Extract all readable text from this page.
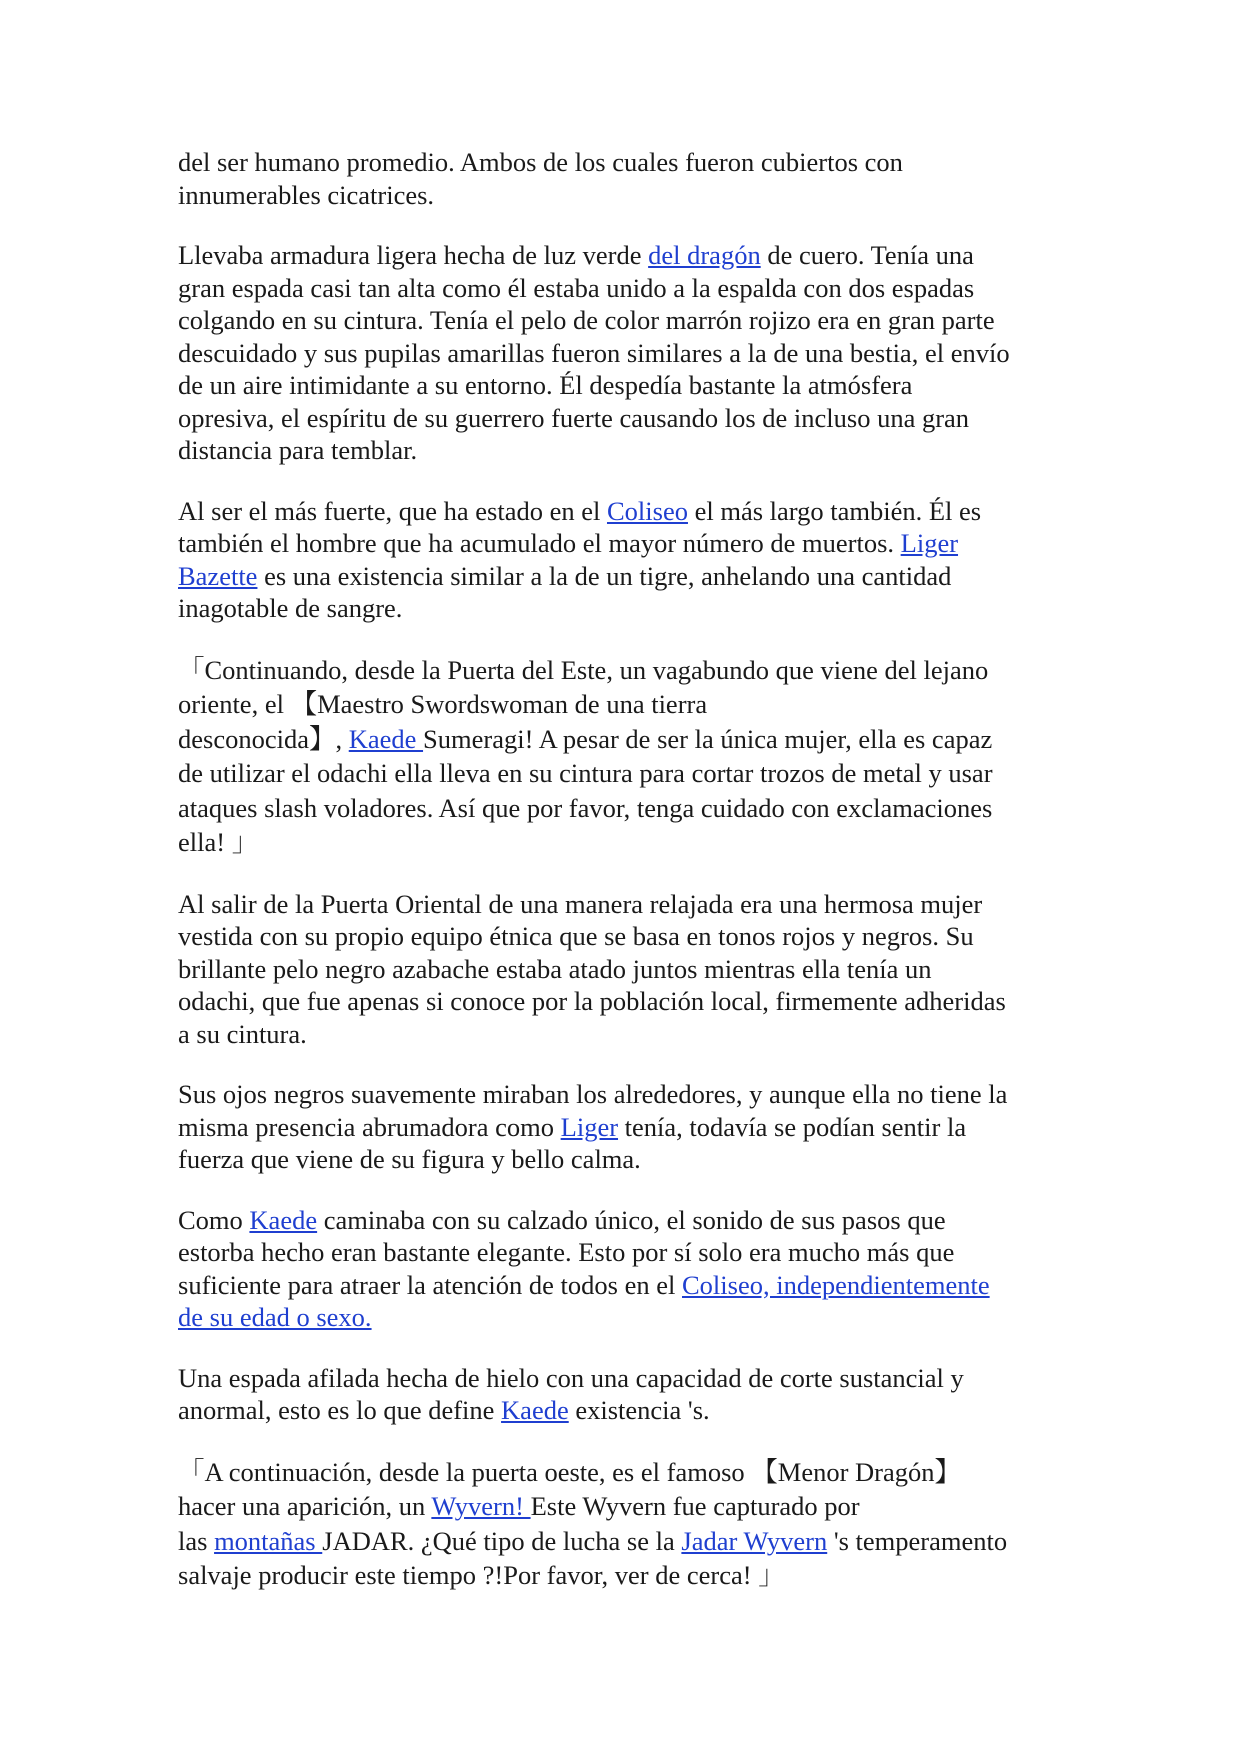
del ser humano promedio. Ambos de los cuales fueron cubiertos con
innumerables cicatrices.

Llevaba armadura ligera hecha de luz verde del dragón de cuero. Tenía una
gran espada casi tan alta como él estaba unido a la espalda con dos espadas
colgando en su cintura. Tenía el pelo de color marrón rojizo era en gran parte
descuidado y sus pupilas amarillas fueron similares a la de una bestia, el envío
de un aire intimidante a su entorno. Él despedía bastante la atmósfera
opresiva, el espíritu de su guerrero fuerte causando los de incluso una gran
distancia para temblar.

Al ser el más fuerte, que ha estado en el Coliseo el más largo también. Él es
también el hombre que ha acumulado el mayor número de muertos. Liger
Bazette es una existencia similar a la de un tigre, anhelando una cantidad
inagotable de sangre.

「Continuando, desde la Puerta del Este, un vagabundo que viene del lejano
oriente, el 【Maestro Swordswoman de una tierra
desconocida】, Kaede Sumeragi! A pesar de ser la única mujer, ella es capaz
de utilizar el odachi ella lleva en su cintura para cortar trozos de metal y usar
ataques slash voladores. Así que por favor, tenga cuidado con exclamaciones
ella! 」

Al salir de la Puerta Oriental de una manera relajada era una hermosa mujer
vestida con su propio equipo étnica que se basa en tonos rojos y negros. Su
brillante pelo negro azabache estaba atado juntos mientras ella tenía un
odachi, que fue apenas si conoce por la población local, firmemente adheridas
a su cintura.

Sus ojos negros suavemente miraban los alrededores, y aunque ella no tiene la
misma presencia abrumadora como Liger tenía, todavía se podían sentir la
fuerza que viene de su figura y bello calma.

Como Kaede caminaba con su calzado único, el sonido de sus pasos que
estorba hecho eran bastante elegante. Esto por sí solo era mucho más que
suficiente para atraer la atención de todos en el Coliseo, independientemente
de su edad o sexo.

Una espada afilada hecha de hielo con una capacidad de corte sustancial y
anormal, esto es lo que define Kaede existencia 's.

「A continuación, desde la puerta oeste, es el famoso 【Menor Dragón】
hacer una aparición, un Wyvern! Este Wyvern fue capturado por
las montañas JADAR. ¿Qué tipo de lucha se la Jadar Wyvern 's temperamento
salvaje producir este tiempo ?!Por favor, ver de cerca! 」
